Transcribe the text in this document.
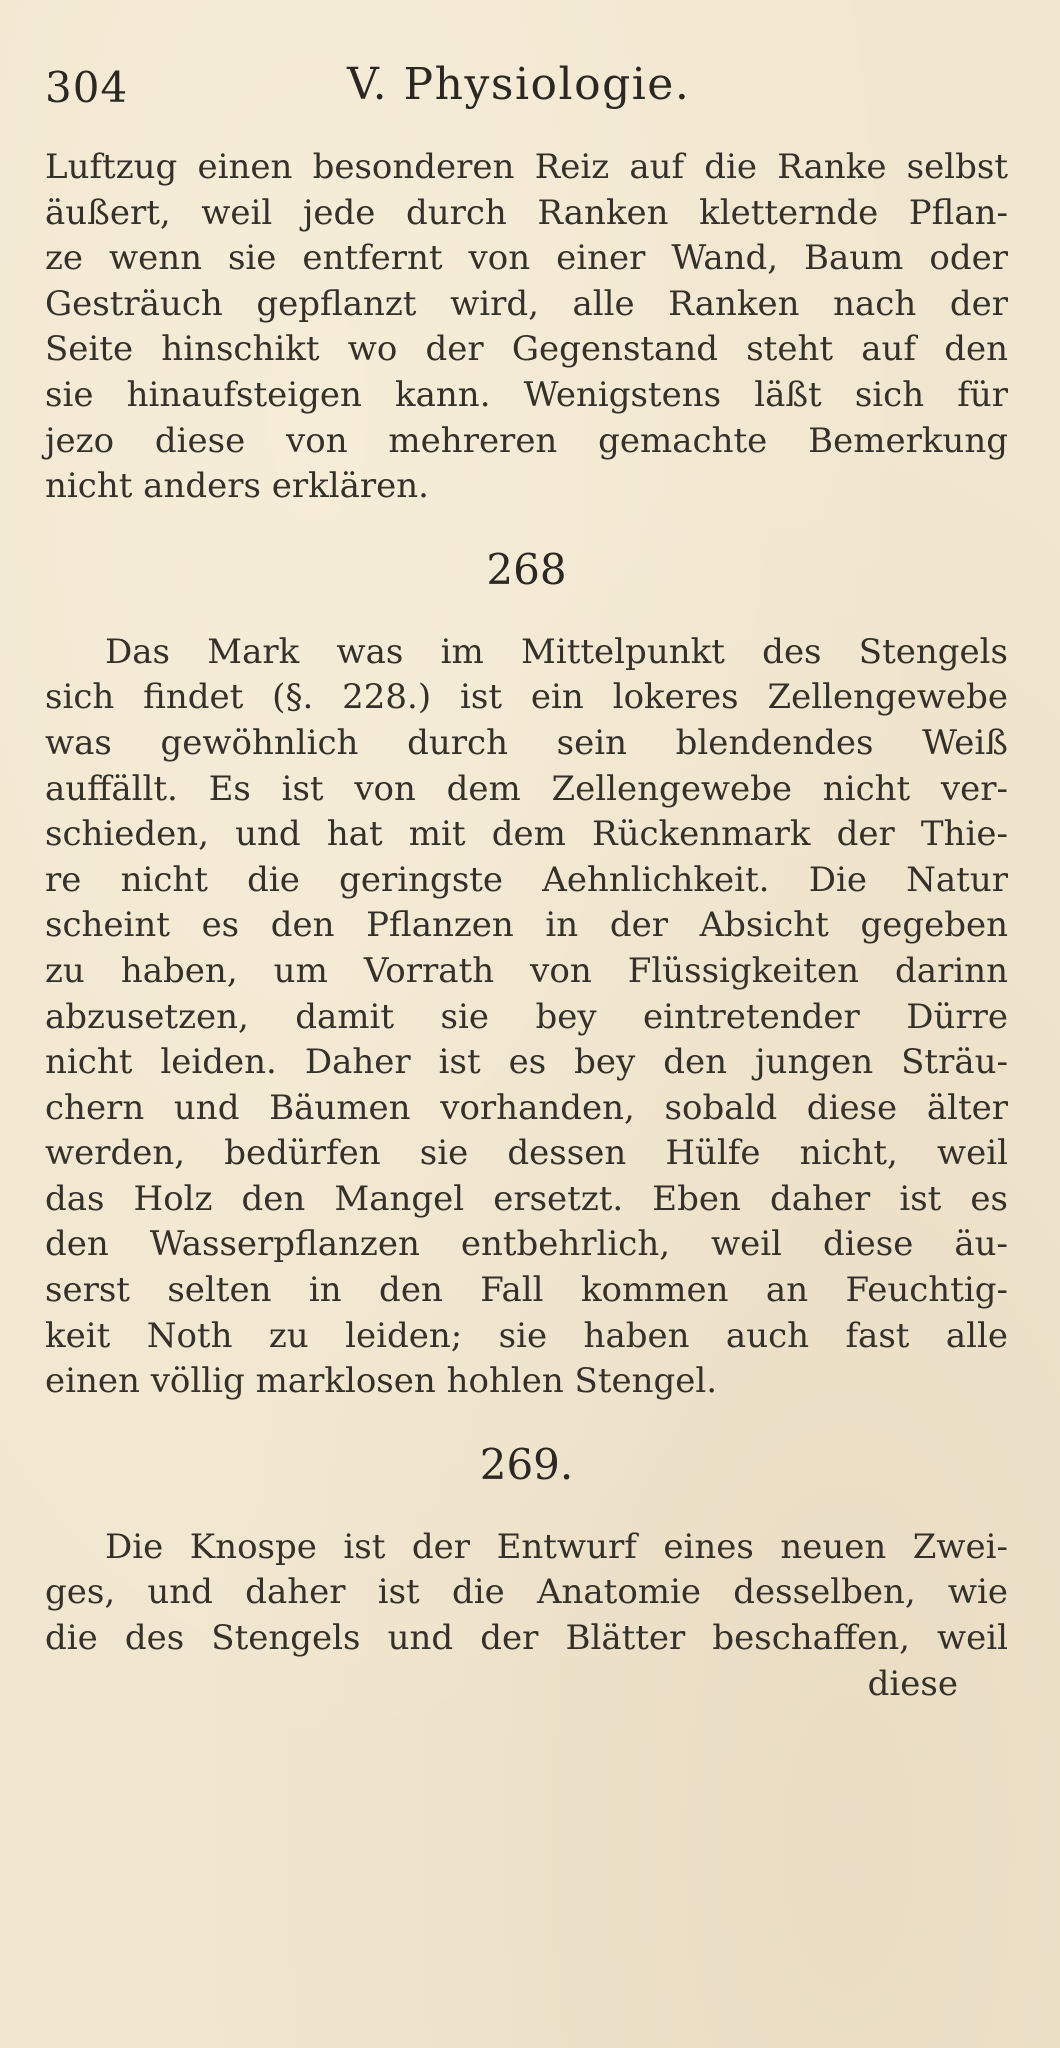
304	V. Physiologie.

Luftzug einen besonderen Reiz auf die Ranke selbst
äußert, weil jede durch Ranken kletternde Pflan-
ze wenn sie entfernt von einer Wand, Baum oder
Gesträuch gepflanzt wird, alle Ranken nach der
Seite hinschikt wo der Gegenstand steht auf den
sie hinaufsteigen kann. Wenigstens läßt sich für
jezo diese von mehreren gemachte Bemerkung
nicht anders erklären.

268

Das Mark was im Mittelpunkt des Stengels
sich findet (§. 228.) ist ein lokeres Zellengewebe
was gewöhnlich durch sein blendendes Weiß
auffällt. Es ist von dem Zellengewebe nicht ver-
schieden, und hat mit dem Rückenmark der Thie-
re nicht die geringste Aehnlichkeit. Die Natur
scheint es den Pflanzen in der Absicht gegeben
zu haben, um Vorrath von Flüssigkeiten darinn
abzusetzen, damit sie bey eintretender Dürre
nicht leiden. Daher ist es bey den jungen Sträu-
chern und Bäumen vorhanden, sobald diese älter
werden, bedürfen sie dessen Hülfe nicht, weil
das Holz den Mangel ersetzt. Eben daher ist es
den Wasserpflanzen entbehrlich, weil diese äu-
serst selten in den Fall kommen an Feuchtig-
keit Noth zu leiden; sie haben auch fast alle
einen völlig marklosen hohlen Stengel.

269.

Die Knospe ist der Entwurf eines neuen Zwei-
ges, und daher ist die Anatomie desselben, wie
die des Stengels und der Blätter beschaffen, weil

diese
